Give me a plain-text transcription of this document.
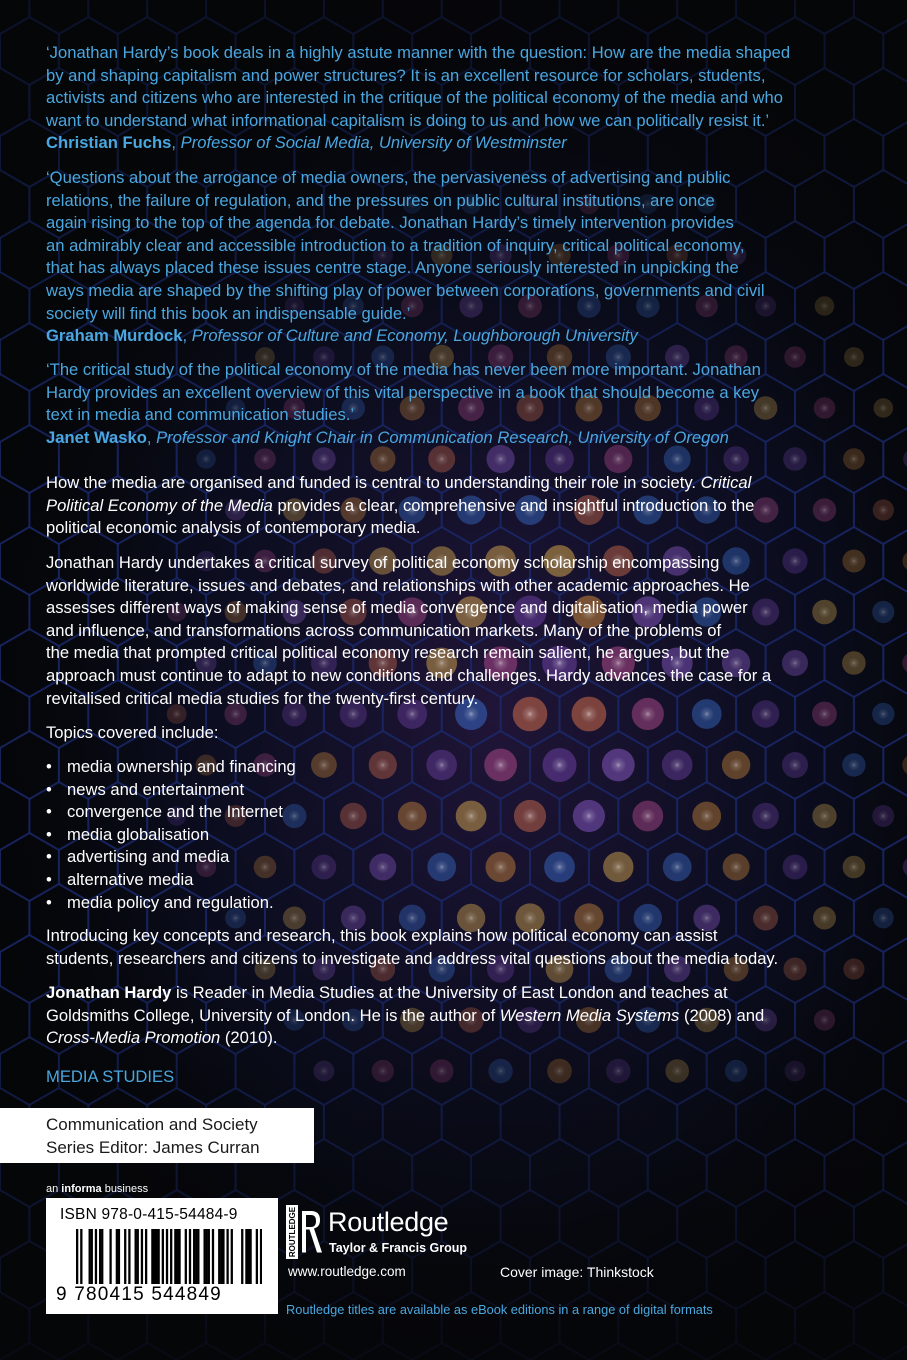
‘Jonathan Hardy’s book deals in a highly astute manner with the question: How are the media shaped
by and shaping capitalism and power structures? It is an excellent resource for scholars, students,
activists and citizens who are interested in the critique of the political economy of the media and who
want to understand what informational capitalism is doing to us and how we can politically resist it.’
Christian Fuchs, Professor of Social Media, University of Westminster
‘Questions about the arrogance of media owners, the pervasiveness of advertising and public
relations, the failure of regulation, and the pressures on public cultural institutions, are once
again rising to the top of the agenda for debate. Jonathan Hardy’s timely intervention provides
an admirably clear and accessible introduction to a tradition of inquiry, critical political economy,
that has always placed these issues centre stage. Anyone seriously interested in unpicking the
ways media are shaped by the shifting play of power between corporations, governments and civil
society will find this book an indispensable guide.’
Graham Murdock, Professor of Culture and Economy, Loughborough University
‘The critical study of the political economy of the media has never been more important. Jonathan
Hardy provides an excellent overview of this vital perspective in a book that should become a key
text in media and communication studies.’
Janet Wasko, Professor and Knight Chair in Communication Research, University of Oregon
How the media are organised and funded is central to understanding their role in society. Critical
Political Economy of the Media provides a clear, comprehensive and insightful introduction to the
political economic analysis of contemporary media.
Jonathan Hardy undertakes a critical survey of political economy scholarship encompassing
worldwide literature, issues and debates, and relationships with other academic approaches. He
assesses different ways of making sense of media convergence and digitalisation, media power
and influence, and transformations across communication markets. Many of the problems of
the media that prompted critical political economy research remain salient, he argues, but the
approach must continue to adapt to new conditions and challenges. Hardy advances the case for a
revitalised critical media studies for the twenty-first century.
Topics covered include:
• media ownership and financing
• news and entertainment
• convergence and the Internet
• media globalisation
• advertising and media
• alternative media
• media policy and regulation.
Introducing key concepts and research, this book explains how political economy can assist
students, researchers and citizens to investigate and address vital questions about the media today.
Jonathan Hardy is Reader in Media Studies at the University of East London and teaches at
Goldsmiths College, University of London. He is the author of Western Media Systems (2008) and
Cross-Media Promotion (2010).
MEDIA STUDIES
Communication and Society
Series Editor: James Curran
an informa business
ISBN 978-0-415-54484-9
9 780415 544849
ROUTLEDGE Routledge
Taylor & Francis Group
www.routledge.com	Cover image: Thinkstock
Routledge titles are available as eBook editions in a range of digital formats
